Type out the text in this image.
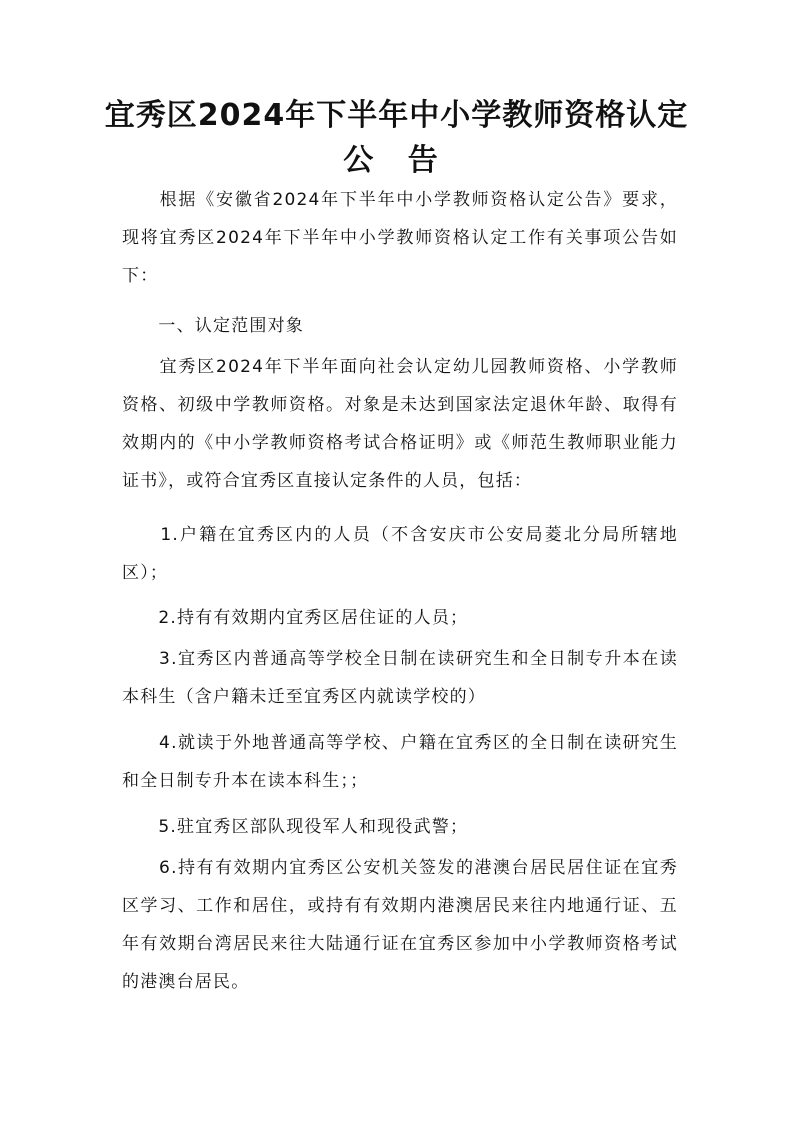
宜秀区2024年下半年中小学教师资格认定
公 告

　　根据《安徽省2024年下半年中小学教师资格认定公告》要求，现将宜秀区2024年下半年中小学教师资格认定工作有关事项公告如下：

　　一、认定范围对象

　　宜秀区2024年下半年面向社会认定幼儿园教师资格、小学教师资格、初级中学教师资格。对象是未达到国家法定退休年龄、取得有效期内的《中小学教师资格考试合格证明》或《师范生教师职业能力证书》，或符合宜秀区直接认定条件的人员，包括：

　　1.户籍在宜秀区内的人员（不含安庆市公安局菱北分局所辖地区）；

　　2.持有有效期内宜秀区居住证的人员；

　　3.宜秀区内普通高等学校全日制在读研究生和全日制专升本在读本科生（含户籍未迁至宜秀区内就读学校的）

　　4.就读于外地普通高等学校、户籍在宜秀区的全日制在读研究生和全日制专升本在读本科生；；

　　5.驻宜秀区部队现役军人和现役武警；

　　6.持有有效期内宜秀区公安机关签发的港澳台居民居住证在宜秀区学习、工作和居住，或持有有效期内港澳居民来往内地通行证、五年有效期台湾居民来往大陆通行证在宜秀区参加中小学教师资格考试的港澳台居民。
